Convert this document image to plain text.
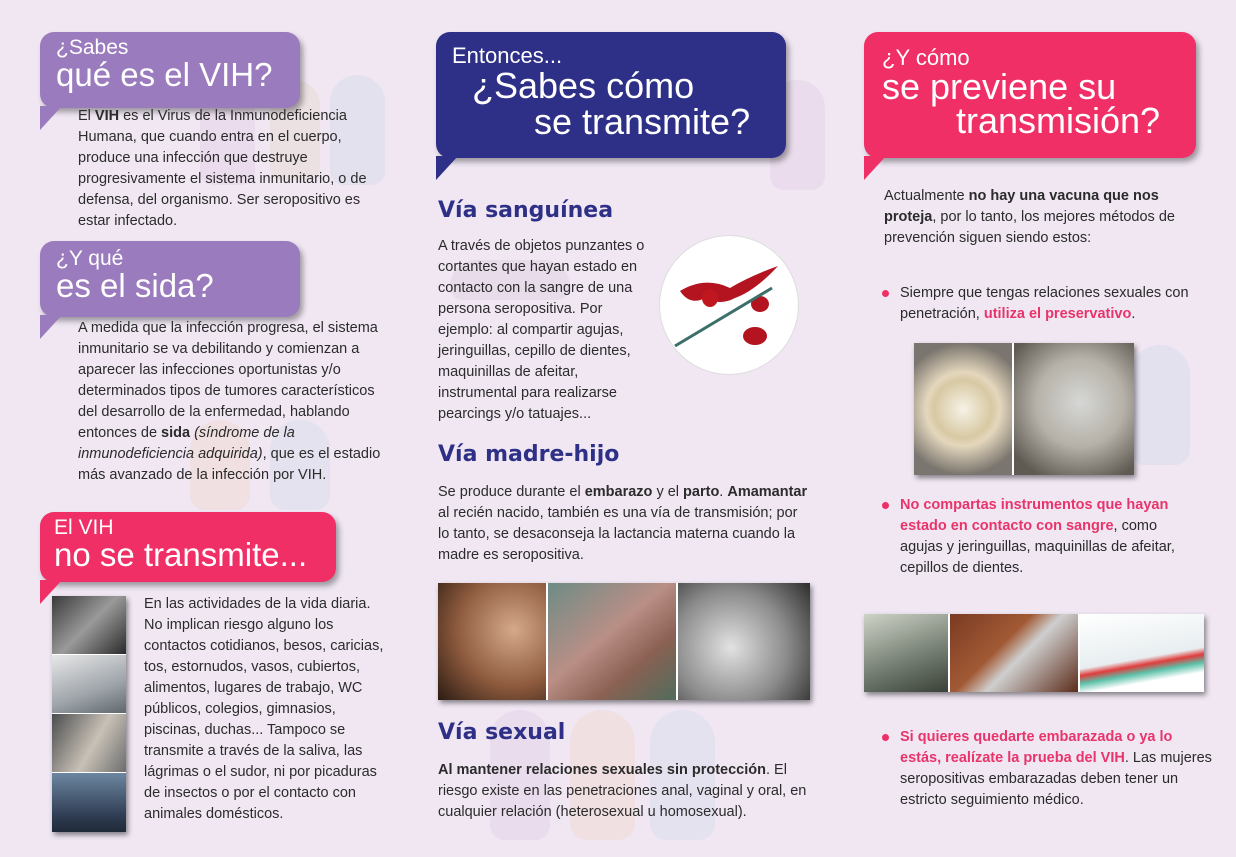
¿Sabes
qué es el VIH?
El VIH es el Virus de la Inmunodeficiencia Humana, que cuando entra en el cuerpo, produce una infección que destruye progresivamente el sistema inmunitario, o de defensa, del organismo. Ser seropositivo es estar infectado.
¿Y qué
es el sida?
A medida que la infección progresa, el sistema inmunitario se va debilitando y comienzan a aparecer las infecciones oportunistas y/o determinados tipos de tumores característicos del desarrollo de la enfermedad, hablando entonces de sida (síndrome de la inmunodeficiencia adquirida), que es el estadio más avanzado de la infección por VIH.
El VIH
no se transmite...
En las actividades de la vida diaria. No implican riesgo alguno los contactos cotidianos, besos, caricias, tos, estornudos, vasos, cubiertos, alimentos, lugares de trabajo, WC públicos, colegios, gimnasios, piscinas, duchas... Tampoco se transmite a través de la saliva, las lágrimas o el sudor, ni por picaduras de insectos o por el contacto con animales domésticos.
Entonces...
¿Sabes cómo
se transmite?
Vía sanguínea
A través de objetos punzantes o cortantes que hayan estado en contacto con la sangre de una persona seropositiva. Por ejemplo: al compartir agujas, jeringuillas, cepillo de dientes, maquinillas de afeitar, instrumental para realizarse pearcings y/o tatuajes...
Vía madre-hijo
Se produce durante el embarazo y el parto. Amamantar al recién nacido, también es una vía de transmisión; por lo tanto, se desaconseja la lactancia materna cuando la madre es seropositiva.
Vía sexual
Al mantener relaciones sexuales sin protección. El riesgo existe en las penetraciones anal, vaginal y oral, en cualquier relación (heterosexual u homosexual).
¿Y cómo
se previene su
transmisión?
Actualmente no hay una vacuna que nos proteja, por lo tanto, los mejores métodos de prevención siguen siendo estos:
Siempre que tengas relaciones sexuales con penetración, utiliza el preservativo.
No compartas instrumentos que hayan estado en contacto con sangre, como agujas y jeringuillas, maquinillas de afeitar, cepillos de dientes.
Si quieres quedarte embarazada o ya lo estás, realízate la prueba del VIH. Las mujeres seropositivas embarazadas deben tener un estricto seguimiento médico.
